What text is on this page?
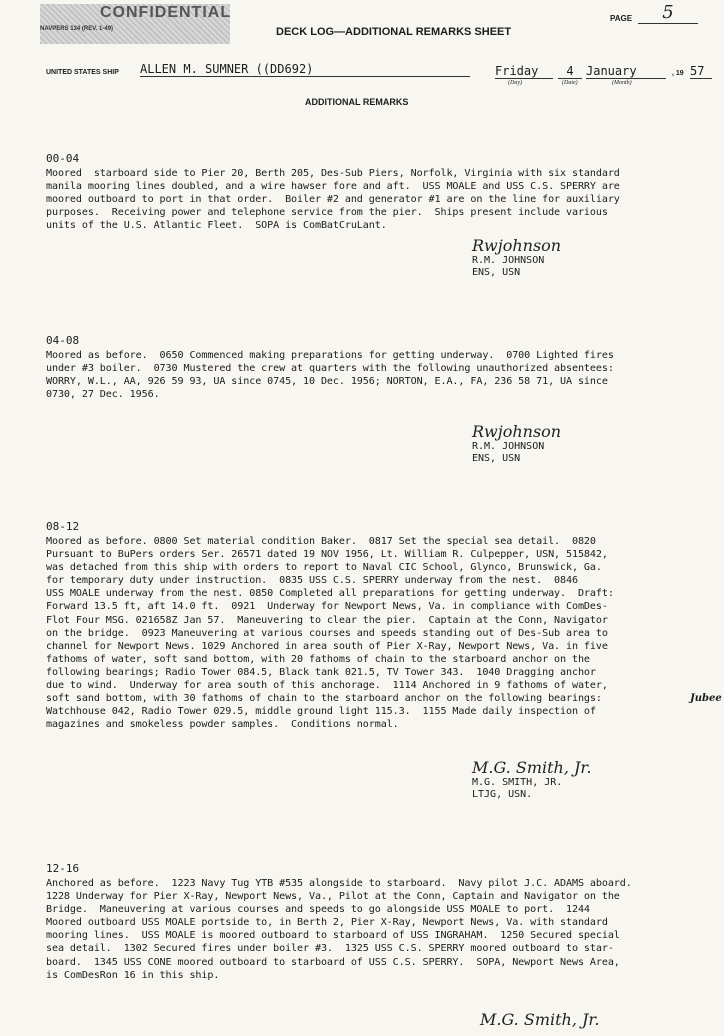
CONFIDENTIAL
NAVPERS 134 (REV. 1-49)	DECK LOG—ADDITIONAL REMARKS SHEET
PAGE	5
UNITED STATES SHIP ALLEN M. SUMNER ((DD692)	Friday	4	January	, 19 57
(Day)	(Date)	(Month)
ADDITIONAL REMARKS
00-04
Moored  starboard side to Pier 20, Berth 205, Des-Sub Piers, Norfolk, Virginia with six standard
manila mooring lines doubled, and a wire hawser fore and aft.  USS MOALE and USS C.S. SPERRY are
moored outboard to port in that order.  Boiler #2 and generator #1 are on the line for auxiliary
purposes.  Receiving power and telephone service from the pier.  Ships present include various
units of the U.S. Atlantic Fleet.  SOPA is ComBatCruLant.
Rwjohnson
R.M. JOHNSON
ENS, USN
04-08
Moored as before.  0650 Commenced making preparations for getting underway.  0700 Lighted fires
under #3 boiler.  0730 Mustered the crew at quarters with the following unauthorized absentees:
WORRY, W.L., AA, 926 59 93, UA since 0745, 10 Dec. 1956; NORTON, E.A., FA, 236 58 71, UA since
0730, 27 Dec. 1956.
Rwjohnson
R.M. JOHNSON
ENS, USN
08-12
Moored as before. 0800 Set material condition Baker.  0817 Set the special sea detail.  0820
Pursuant to BuPers orders Ser. 26571 dated 19 NOV 1956, Lt. William R. Culpepper, USN, 515842,
was detached from this ship with orders to report to Naval CIC School, Glynco, Brunswick, Ga.
for temporary duty under instruction.  0835 USS C.S. SPERRY underway from the nest.  0846
USS MOALE underway from the nest. 0850 Completed all preparations for getting underway.  Draft:
Forward 13.5 ft, aft 14.0 ft.  0921  Underway for Newport News, Va. in compliance with ComDes-
Flot Four MSG. 021658Z Jan 57.  Maneuvering to clear the pier.  Captain at the Conn, Navigator
on the bridge.  0923 Maneuvering at various courses and speeds standing out of Des-Sub area to
channel for Newport News. 1029 Anchored in area south of Pier X-Ray, Newport News, Va. in five
fathoms of water, soft sand bottom, with 20 fathoms of chain to the starboard anchor on the
following bearings; Radio Tower 084.5, Black tank 021.5, TV Tower 343.  1040 Dragging anchor
due to wind.  Underway for area south of this anchorage.  1114 Anchored in 9 fathoms of water,
soft sand bottom, with 30 fathoms of chain to the starboard anchor on the following bearings:
Watchhouse 042, Radio Tower 029.5, middle ground light 115.3.  1155 Made daily inspection of
magazines and smokeless powder samples.  Conditions normal.
Jubee
M.G. Smith, Jr.
M.G. SMITH, JR.
LTJG, USN.
12-16
Anchored as before.  1223 Navy Tug YTB #535 alongside to starboard.  Navy pilot J.C. ADAMS aboard.
1228 Underway for Pier X-Ray, Newport News, Va., Pilot at the Conn, Captain and Navigator on the
Bridge.  Maneuvering at various courses and speeds to go alongside USS MOALE to port.  1244
Moored outboard USS MOALE portside to, in Berth 2, Pier X-Ray, Newport News, Va. with standard
mooring lines.  USS MOALE is moored outboard to starboard of USS INGRAHAM.  1250 Secured special
sea detail.  1302 Secured fires under boiler #3.  1325 USS C.S. SPERRY moored outboard to star-
board.  1345 USS CONE moored outboard to starboard of USS C.S. SPERRY.  SOPA, Newport News Area,
is ComDesRon 16 in this ship.
M.G. Smith, Jr.
